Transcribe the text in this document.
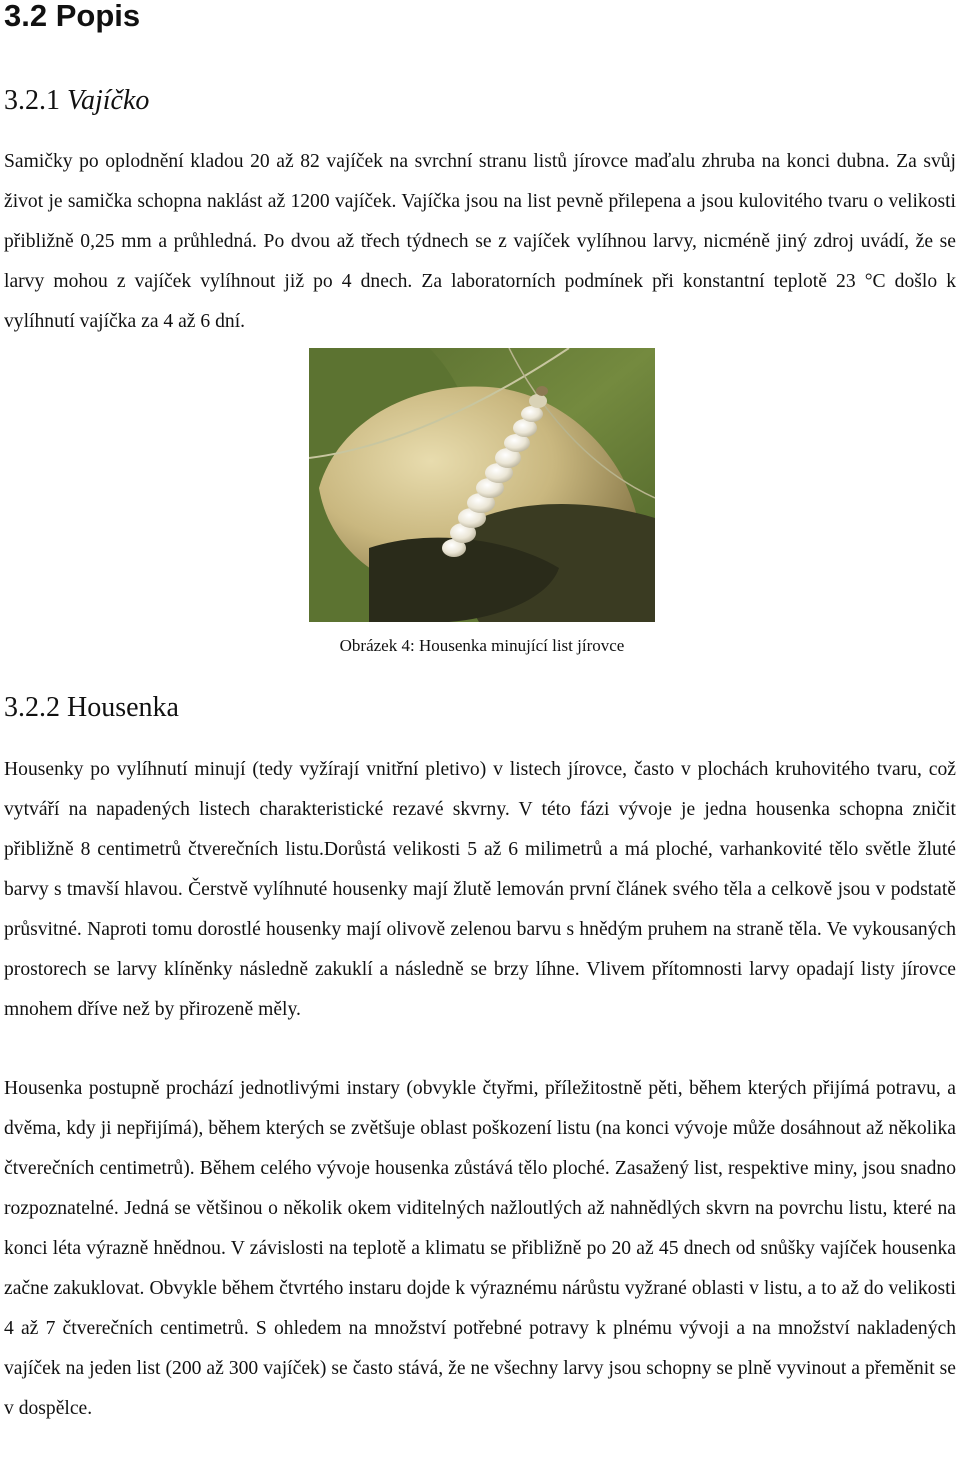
3.2 Popis
3.2.1 Vajíčko

Samičky po oplodnění kladou 20 až 82 vajíček na svrchní stranu listů jírovce maďalu zhruba na konci dubna. Za svůj život je samička schopna naklást až 1200 vajíček. Vajíčka jsou na list pevně přilepena a jsou kulovitého tvaru o velikosti přibližně 0,25 mm a průhledná. Po dvou až třech týdnech se z vajíček vylíhnou larvy, nicméně jiný zdroj uvádí, že se larvy mohou z vajíček vylíhnout již po 4 dnech. Za laboratorních podmínek při konstantní teplotě 23 °C došlo k vylíhnutí vajíčka za 4 až 6 dní.

Obrázek 4: Housenka minující list jírovce

3.2.2 Housenka

Housenky po vylíhnutí minují (tedy vyžírají vnitřní pletivo) v listech jírovce, často v plochách kruhovitého tvaru, což vytváří na napadených listech charakteristické rezavé skvrny. V této fázi vývoje je jedna housenka schopna zničit přibližně 8 centimetrů čtverečních listu.Dorůstá velikosti 5 až 6 milimetrů a má ploché, varhankovité tělo světle žluté barvy s tmavší hlavou. Čerstvě vylíhnuté housenky mají žlutě lemován první článek svého těla a celkově jsou v podstatě průsvitné. Naproti tomu dorostlé housenky mají olivově zelenou barvu s hnědým pruhem na straně těla. Ve vykousaných prostorech se larvy klíněnky následně zakuklí a následně se brzy líhne. Vlivem přítomnosti larvy opadají listy jírovce mnohem dříve než by přirozeně měly.

Housenka postupně prochází jednotlivými instary (obvykle čtyřmi, příležitostně pěti, během kterých přijímá potravu, a dvěma, kdy ji nepřijímá), během kterých se zvětšuje oblast poškození listu (na konci vývoje může dosáhnout až několika čtverečních centimetrů). Během celého vývoje housenka zůstává tělo ploché. Zasažený list, respektive miny, jsou snadno rozpoznatelné. Jedná se většinou o několik okem viditelných nažloutlých až nahnědlých skvrn na povrchu listu, které na konci léta výrazně hnědnou. V závislosti na teplotě a klimatu se přibližně po 20 až 45 dnech od snůšky vajíček housenka začne zakuklovat. Obvykle během čtvrtého instaru dojde k výraznému nárůstu vyžrané oblasti v listu, a to až do velikosti 4 až 7 čtverečních centimetrů. S ohledem na množství potřebné potravy k plnému vývoji a na množství nakladených vajíček na jeden list (200 až 300 vajíček) se často stává, že ne všechny larvy jsou schopny se plně vyvinout a přeměnit se v dospělce.
